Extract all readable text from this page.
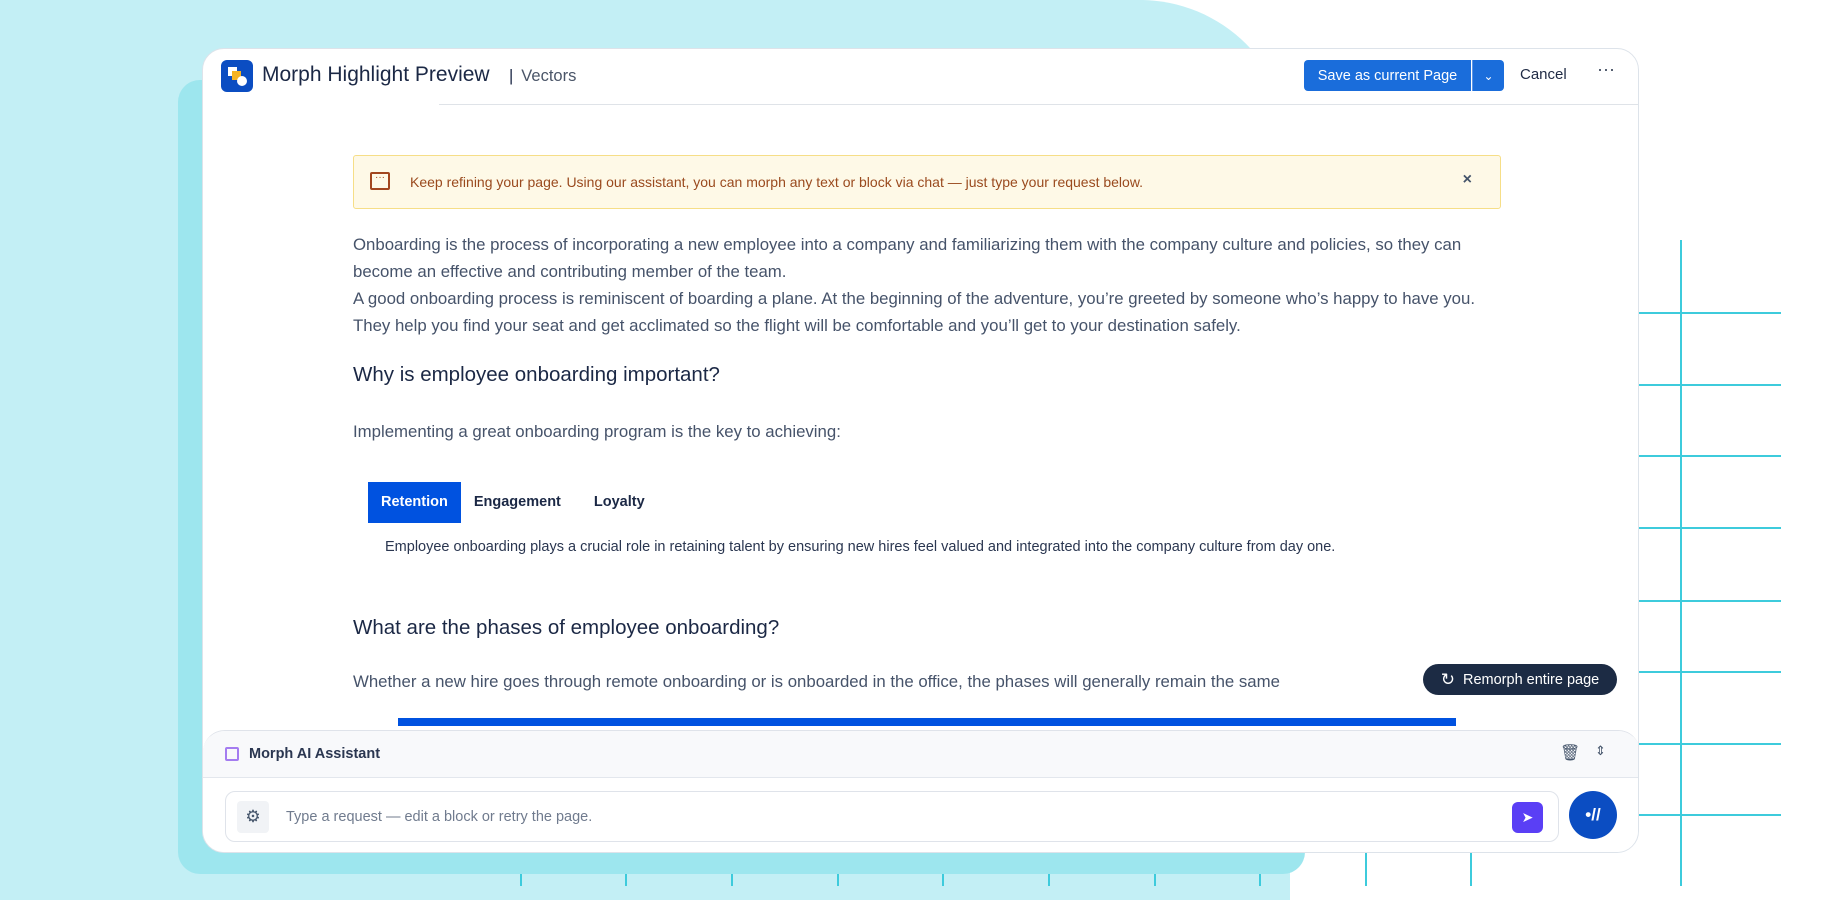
Morph Highlight Preview	| Vectors	Save as current Page	⌄	Cancel ⋯
···	Keep refining your page. Using our assistant, you can morph any text or block via chat — just type your request below.	×
Onboarding is the process of incorporating a new employee into a company and familiarizing them with the company culture and policies, so they can become an effective and contributing member of the team.
A good onboarding process is reminiscent of boarding a plane. At the beginning of the adventure, you’re greeted by someone who’s happy to have you. They help you find your seat and get acclimated so the flight will be comfortable and you’ll get to your destination safely.
Why is employee onboarding important?
Implementing a great onboarding program is the key to achieving:
Retention	Engagement	Loyalty
Employee onboarding plays a crucial role in retaining talent by ensuring new hires feel valued and integrated into the company culture from day one.
What are the phases of employee onboarding?
Whether a new hire goes through remote onboarding or is onboarded in the office, the phases will generally remain the same	↻ Remorph entire page
Morph AI Assistant	🗑 ⇕
⚙
Type a request — edit a block or retry the page.	➤	•//
